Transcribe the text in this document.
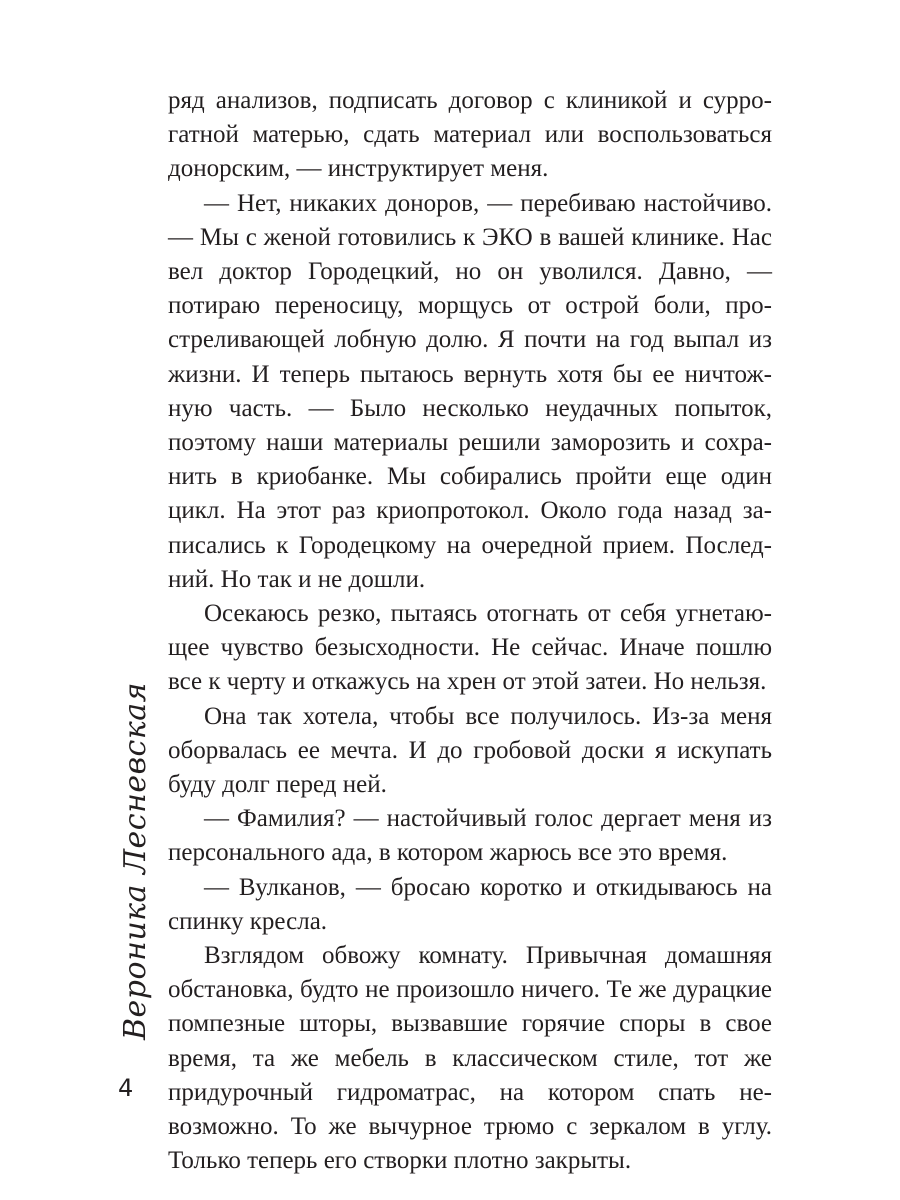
ряд анализов, подписать договор с клиникой и суррогатной матерью, сдать материал или воспользоваться донорским, — инструктирует меня.

— Нет, никаких доноров, — перебиваю настойчиво. — Мы с женой готовились к ЭКО в вашей клинике. Нас вел доктор Городецкий, но он уволился. Давно, — потираю переносицу, морщусь от острой боли, простреливающей лобную долю. Я почти на год выпал из жизни. И теперь пытаюсь вернуть хотя бы ее ничтожную часть. — Было несколько неудачных попыток, поэтому наши материалы решили заморозить и сохранить в криобанке. Мы собирались пройти еще один цикл. На этот раз криопротокол. Около года назад записались к Городецкому на очередной прием. Последний. Но так и не дошли.

Осекаюсь резко, пытаясь отогнать от себя угнетающее чувство безысходности. Не сейчас. Иначе пошлю все к черту и откажусь на хрен от этой затеи. Но нельзя.

Она так хотела, чтобы все получилось. Из-за меня оборвалась ее мечта. И до гробовой доски я искупать буду долг перед ней.

— Фамилия? — настойчивый голос дергает меня из персонального ада, в котором жарюсь все это время.

— Вулканов, — бросаю коротко и откидываюсь на спинку кресла.

Взглядом обвожу комнату. Привычная домашняя обстановка, будто не произошло ничего. Те же дурацкие помпезные шторы, вызвавшие горячие споры в свое время, та же мебель в классическом стиле, тот же придурочный гидроматрас, на котором спать невозможно. То же вычурное трюмо с зеркалом в углу. Только теперь его створки плотно закрыты.

Вероника Лесневская
4
